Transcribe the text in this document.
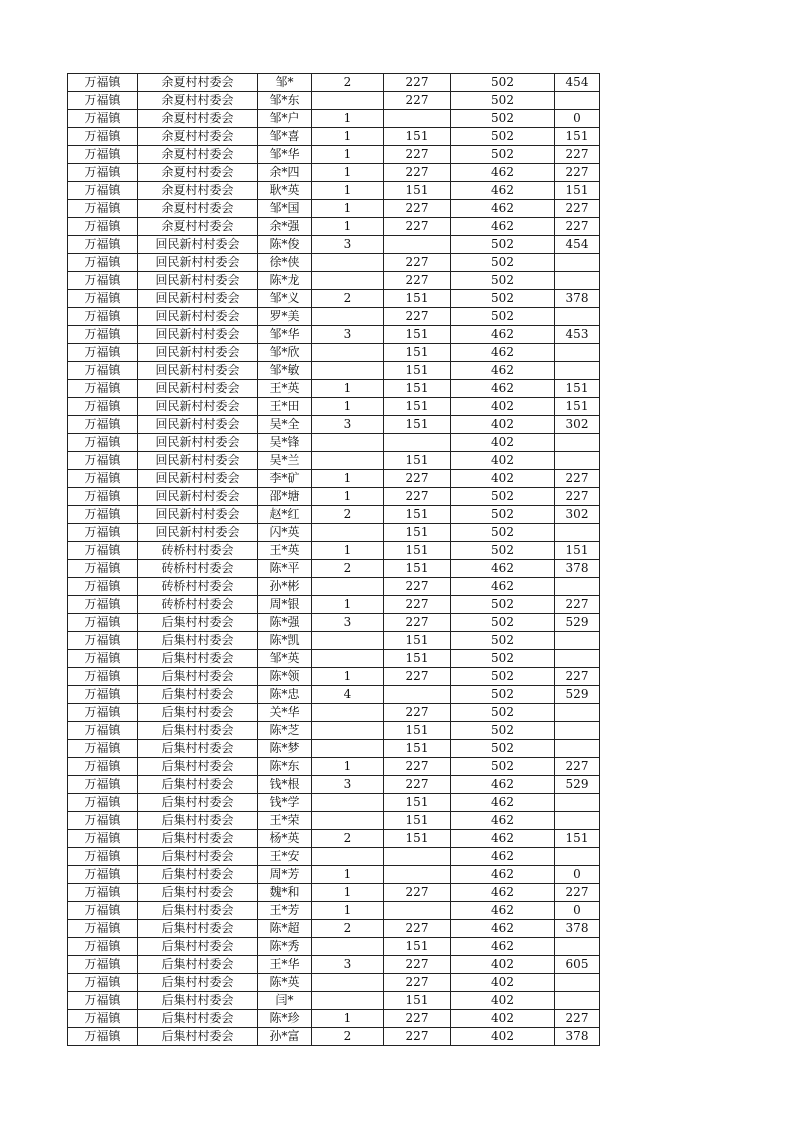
万福镇	余夏村村委会	邹*	2	227	502	454
万福镇	余夏村村委会	邹*东		227	502	
万福镇	余夏村村委会	邹*户	1		502	0
万福镇	余夏村村委会	邹*喜	1	151	502	151
万福镇	余夏村村委会	邹*华	1	227	502	227
万福镇	余夏村村委会	余*四	1	227	462	227
万福镇	余夏村村委会	耿*英	1	151	462	151
万福镇	余夏村村委会	邹*国	1	227	462	227
万福镇	余夏村村委会	余*强	1	227	462	227
万福镇	回民新村村委会	陈*俊	3		502	454
万福镇	回民新村村委会	徐*侠		227	502	
万福镇	回民新村村委会	陈*龙		227	502	
万福镇	回民新村村委会	邹*义	2	151	502	378
万福镇	回民新村村委会	罗*美		227	502	
万福镇	回民新村村委会	邹*华	3	151	462	453
万福镇	回民新村村委会	邹*欣		151	462	
万福镇	回民新村村委会	邹*敏		151	462	
万福镇	回民新村村委会	王*英	1	151	462	151
万福镇	回民新村村委会	王*田	1	151	402	151
万福镇	回民新村村委会	吴*全	3	151	402	302
万福镇	回民新村村委会	吴*锋			402	
万福镇	回民新村村委会	吴*兰		151	402	
万福镇	回民新村村委会	李*矿	1	227	402	227
万福镇	回民新村村委会	邵*塘	1	227	502	227
万福镇	回民新村村委会	赵*红	2	151	502	302
万福镇	回民新村村委会	闪*英		151	502	
万福镇	砖桥村村委会	王*英	1	151	502	151
万福镇	砖桥村村委会	陈*平	2	151	462	378
万福镇	砖桥村村委会	孙*彬		227	462	
万福镇	砖桥村村委会	周*银	1	227	502	227
万福镇	后集村村委会	陈*强	3	227	502	529
万福镇	后集村村委会	陈*凯		151	502	
万福镇	后集村村委会	邹*英		151	502	
万福镇	后集村村委会	陈*领	1	227	502	227
万福镇	后集村村委会	陈*忠	4		502	529
万福镇	后集村村委会	关*华		227	502	
万福镇	后集村村委会	陈*芝		151	502	
万福镇	后集村村委会	陈*梦		151	502	
万福镇	后集村村委会	陈*东	1	227	502	227
万福镇	后集村村委会	钱*根	3	227	462	529
万福镇	后集村村委会	钱*学		151	462	
万福镇	后集村村委会	王*荣		151	462	
万福镇	后集村村委会	杨*英	2	151	462	151
万福镇	后集村村委会	王*安			462	
万福镇	后集村村委会	周*芳	1		462	0
万福镇	后集村村委会	魏*和	1	227	462	227
万福镇	后集村村委会	王*芳	1		462	0
万福镇	后集村村委会	陈*超	2	227	462	378
万福镇	后集村村委会	陈*秀		151	462	
万福镇	后集村村委会	王*华	3	227	402	605
万福镇	后集村村委会	陈*英		227	402	
万福镇	后集村村委会	闫*		151	402	
万福镇	后集村村委会	陈*珍	1	227	402	227
万福镇	后集村村委会	孙*富	2	227	402	378
